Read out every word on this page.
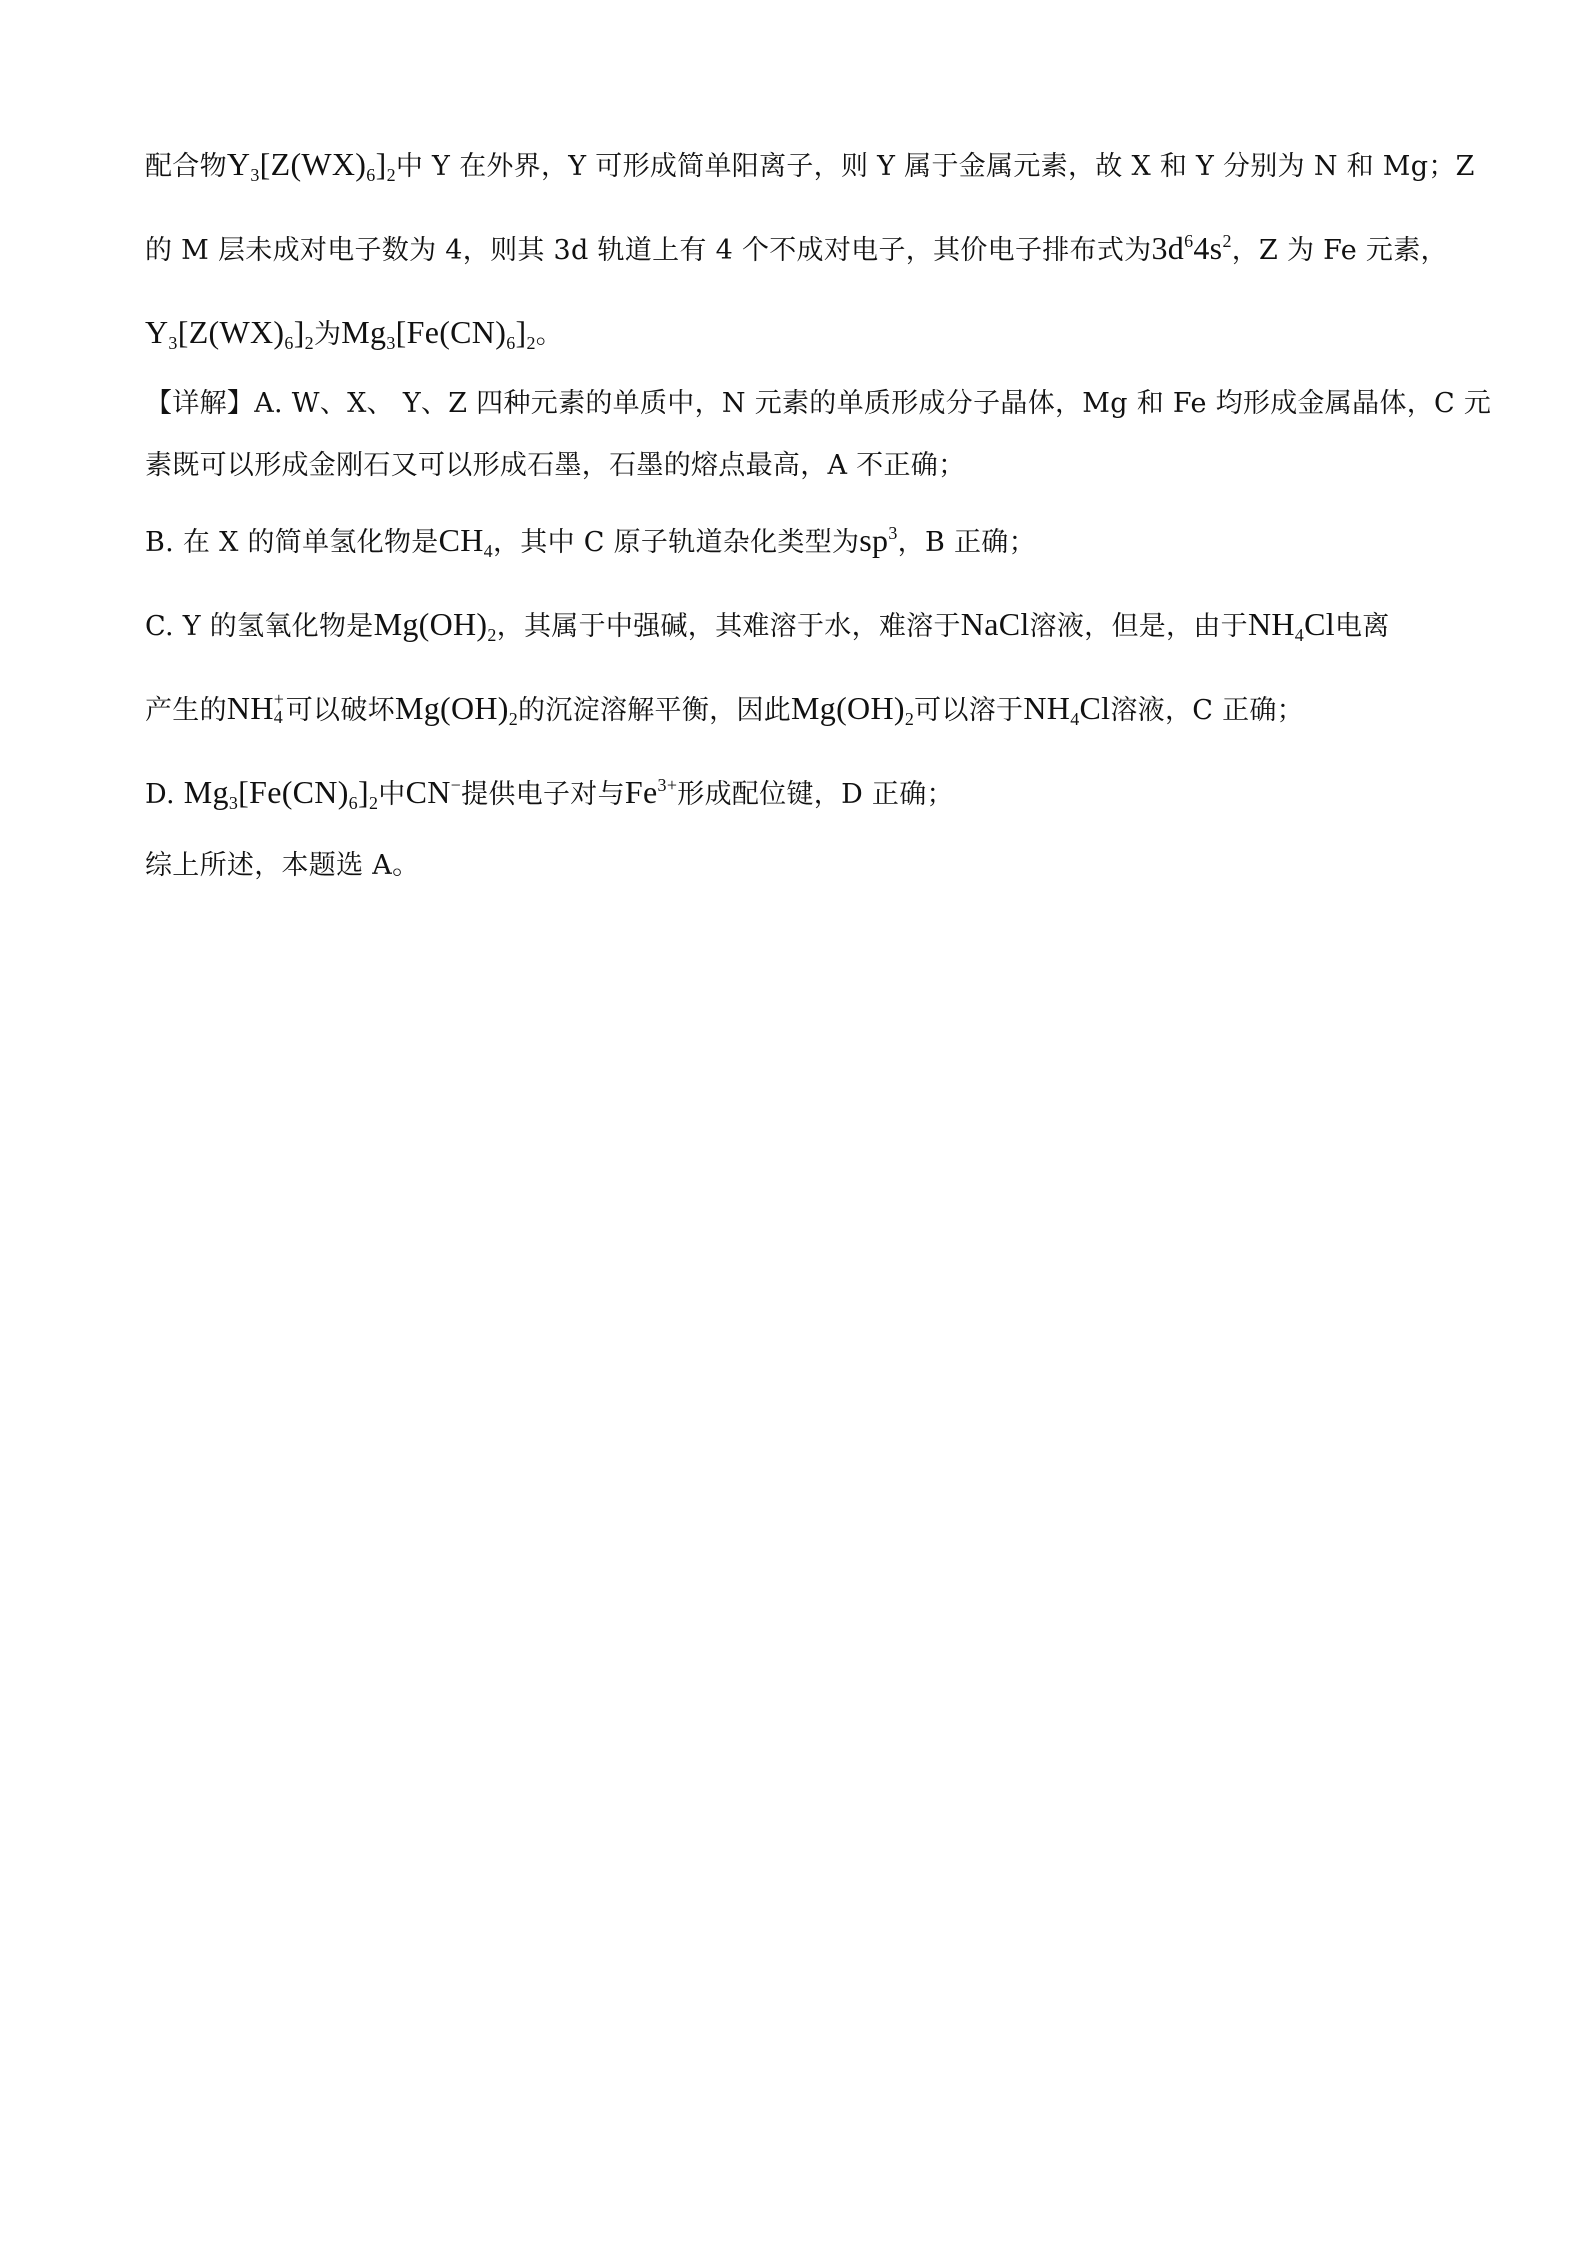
配合物$Y_3[Z(WX)_6]_2$中 Y 在外界，Y 可形成简单阳离子，则 Y 属于金属元素，故 X 和 Y 分别为 N 和 Mg；Z
的 M 层未成对电子数为 4，则其 3d 轨道上有 4 个不成对电子，其价电子排布式为$3d^64s^2$，Z 为 Fe 元素，
$Y_3[Z(WX)_6]_2$为$Mg_3[Fe(CN)_6]_2$。
【详解】A. W、X、 Y、Z 四种元素的单质中，N 元素的单质形成分子晶体，Mg 和 Fe 均形成金属晶体，C 元
素既可以形成金刚石又可以形成石墨，石墨的熔点最高，A 不正确；
B. 在 X 的简单氢化物是$CH_4$，其中 C 原子轨道杂化类型为$sp^3$，B 正确；
C. Y 的氢氧化物是$Mg(OH)_2$，其属于中强碱，其难溶于水，难溶于NaCl溶液，但是，由于$NH_4Cl$电离
产生的NH +
4 可以破坏$Mg(OH)_2$的沉淀溶解平衡，因此$Mg(OH)_2$可以溶于$NH_4Cl$溶液，C 正确；
D. $Mg_3[Fe(CN)_6]_2$中CN−提供电子对与$Fe^{3+}$形成配位键，D 正确；
综上所述，本题选 A。
